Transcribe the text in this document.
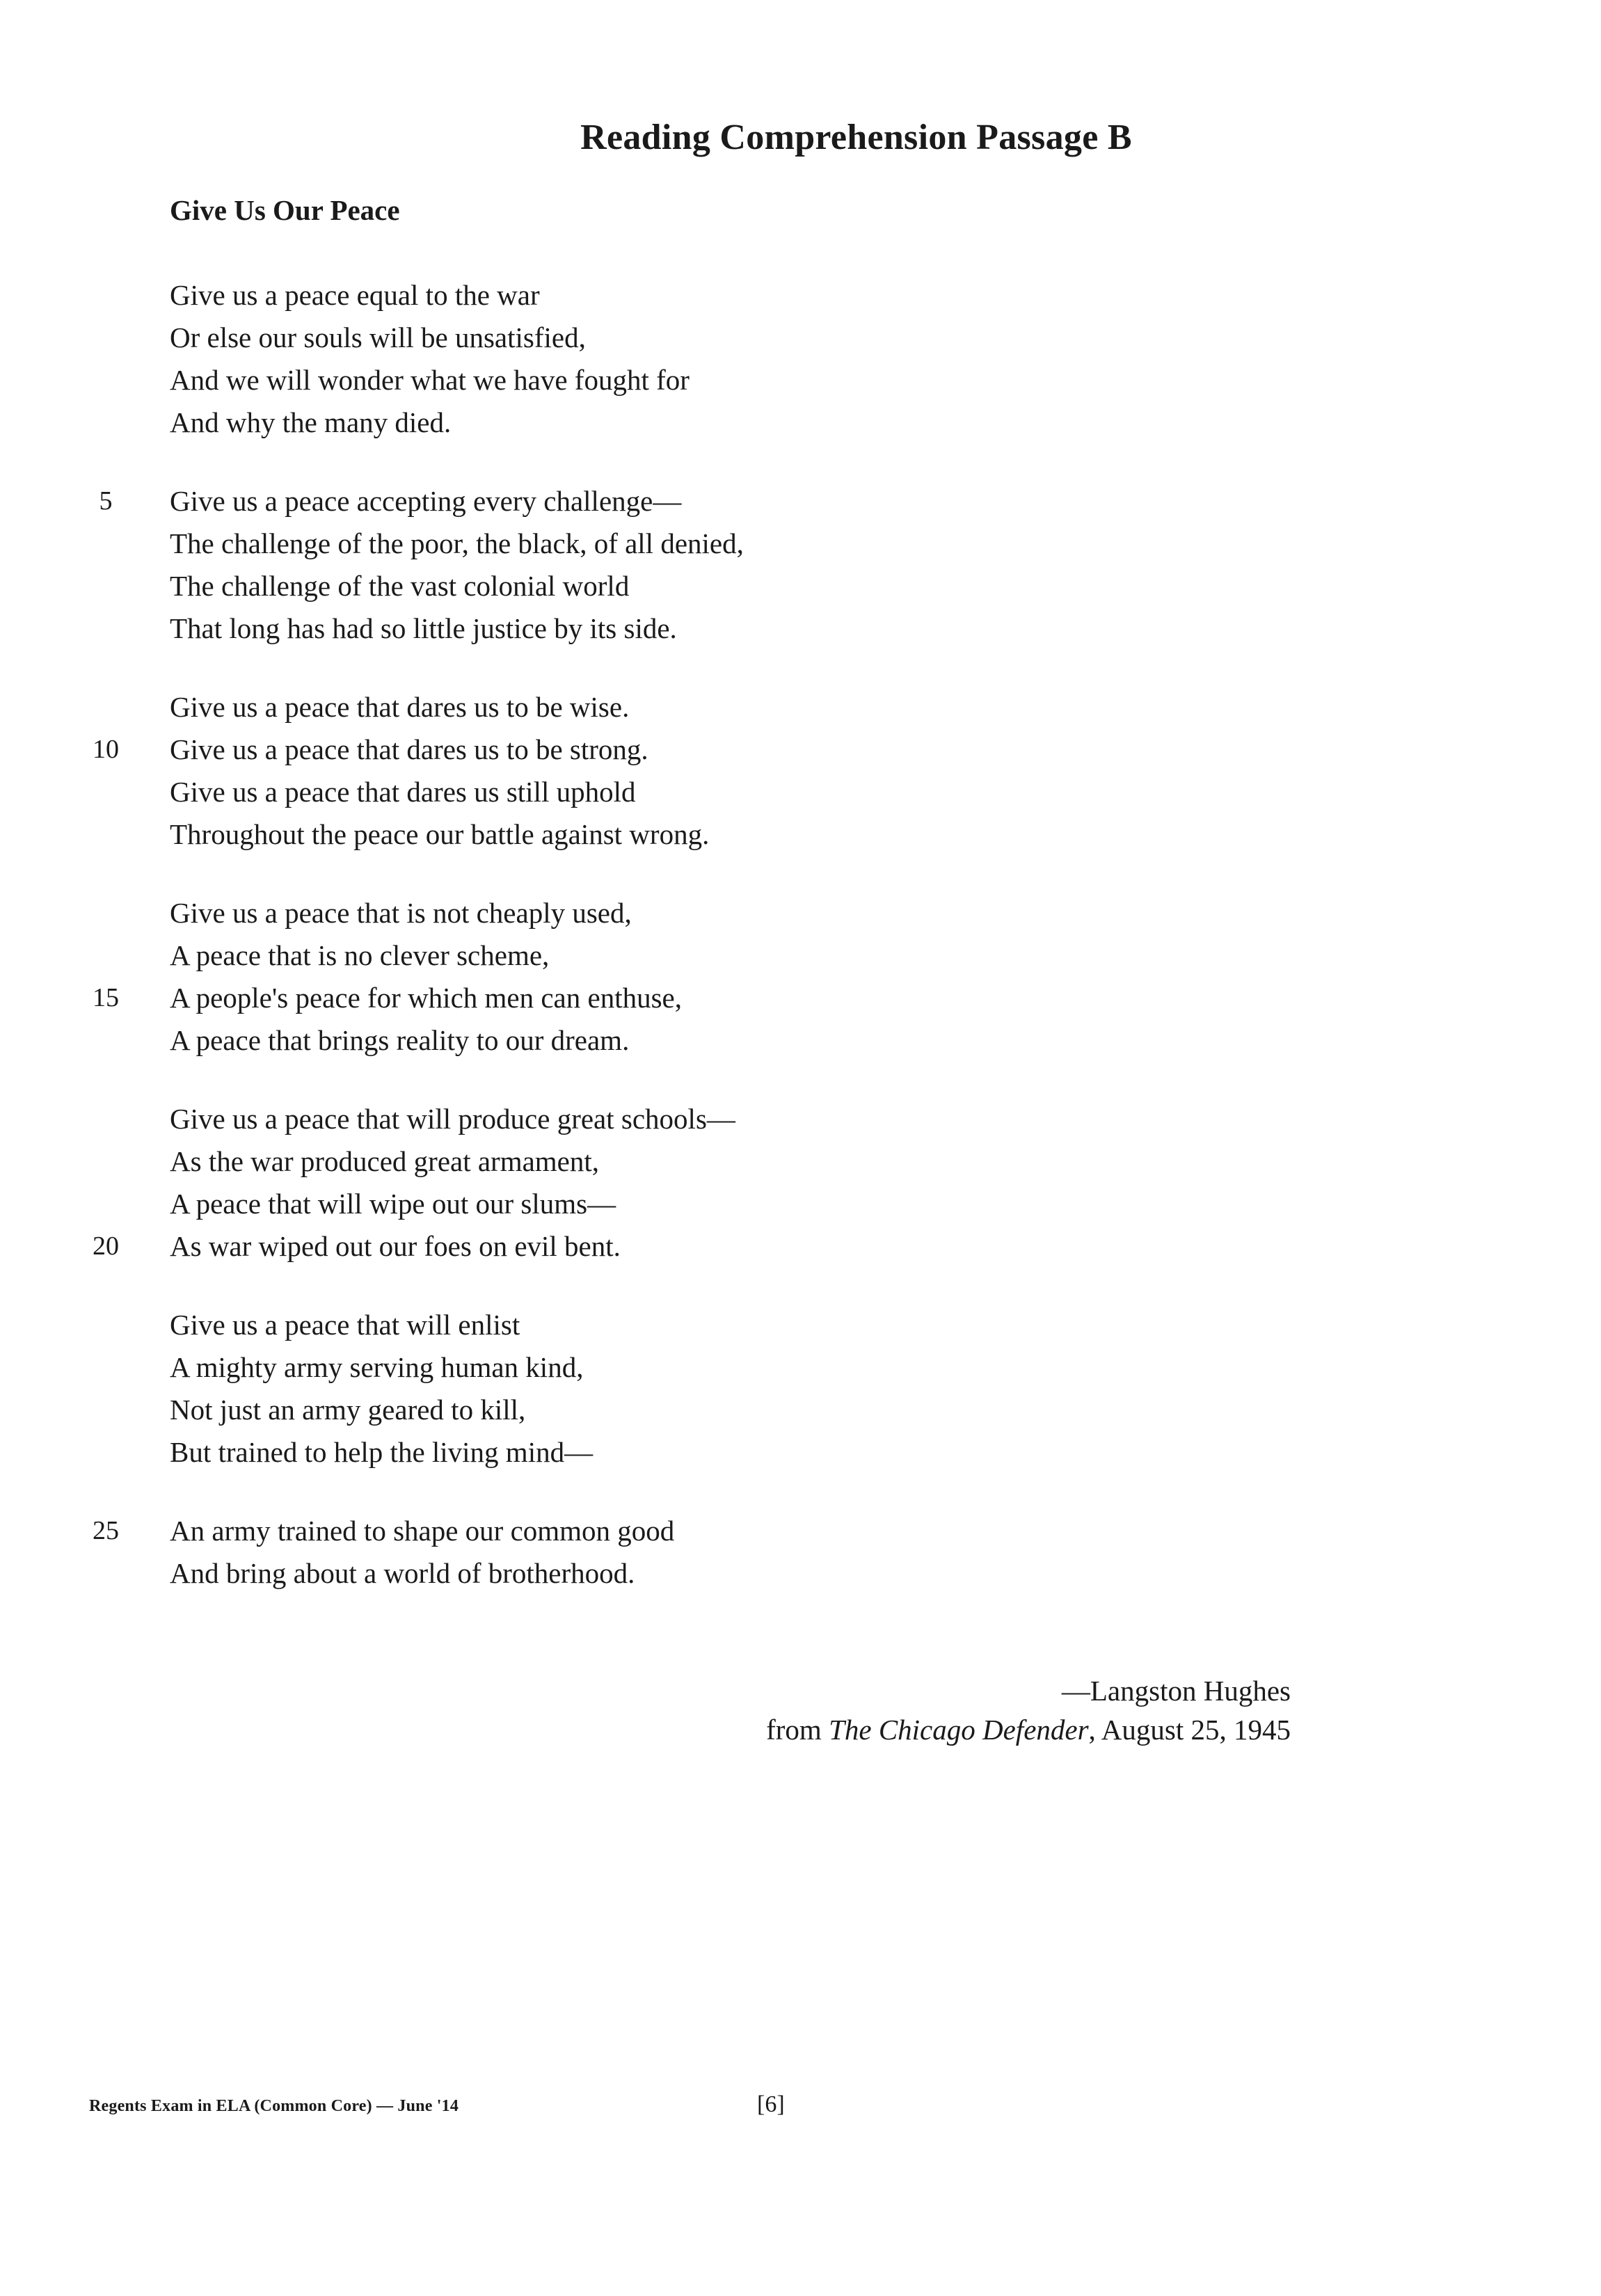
Reading Comprehension Passage B
Give Us Our Peace
Give us a peace equal to the war
Or else our souls will be unsatisfied,
And we will wonder what we have fought for
And why the many died.
5	Give us a peace accepting every challenge—
The challenge of the poor, the black, of all denied,
The challenge of the vast colonial world
That long has had so little justice by its side.
Give us a peace that dares us to be wise.
10 Give us a peace that dares us to be strong.
Give us a peace that dares us still uphold
Throughout the peace our battle against wrong.
Give us a peace that is not cheaply used,
A peace that is no clever scheme,
15 A people's peace for which men can enthuse,
A peace that brings reality to our dream.
Give us a peace that will produce great schools—
As the war produced great armament,
A peace that will wipe out our slums—
20 As war wiped out our foes on evil bent.
Give us a peace that will enlist
A mighty army serving human kind,
Not just an army geared to kill,
But trained to help the living mind—
25 An army trained to shape our common good
And bring about a world of brotherhood.
—Langston Hughes
from The Chicago Defender, August 25, 1945
Regents Exam in ELA (Common Core) — June '14	[6]
